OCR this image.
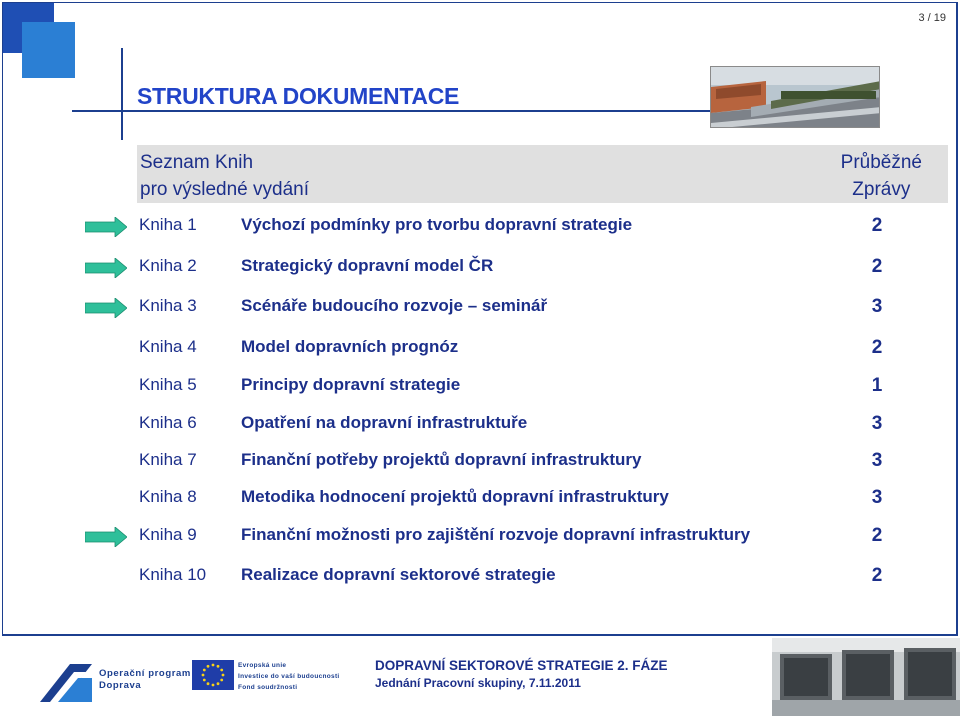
3 / 19
STRUKTURA DOKUMENTACE
Seznam Knih
pro výsledné vydání
Průběžné
Zprávy
Kniha 1	Výchozí podmínky pro tvorbu dopravní strategie	2
Kniha 2	Strategický dopravní model ČR	2
Kniha 3	Scénáře budoucího rozvoje – seminář	3
Kniha 4	Model dopravních prognóz	2
Kniha 5	Principy dopravní strategie	1
Kniha 6	Opatření na dopravní infrastruktuře	3
Kniha 7	Finanční potřeby projektů dopravní infrastruktury	3
Kniha 8	Metodika hodnocení projektů dopravní infrastruktury	3
Kniha 9	Finanční možnosti pro zajištění rozvoje dopravní infrastruktury	2
Kniha 10 Realizace dopravní sektorové strategie	2
Operační program
Doprava
Evropská unie
Investice do vaší budoucnosti
Fond soudržnosti
DOPRAVNÍ SEKTOROVÉ STRATEGIE 2. FÁZE
Jednání Pracovní skupiny, 7.11.2011
